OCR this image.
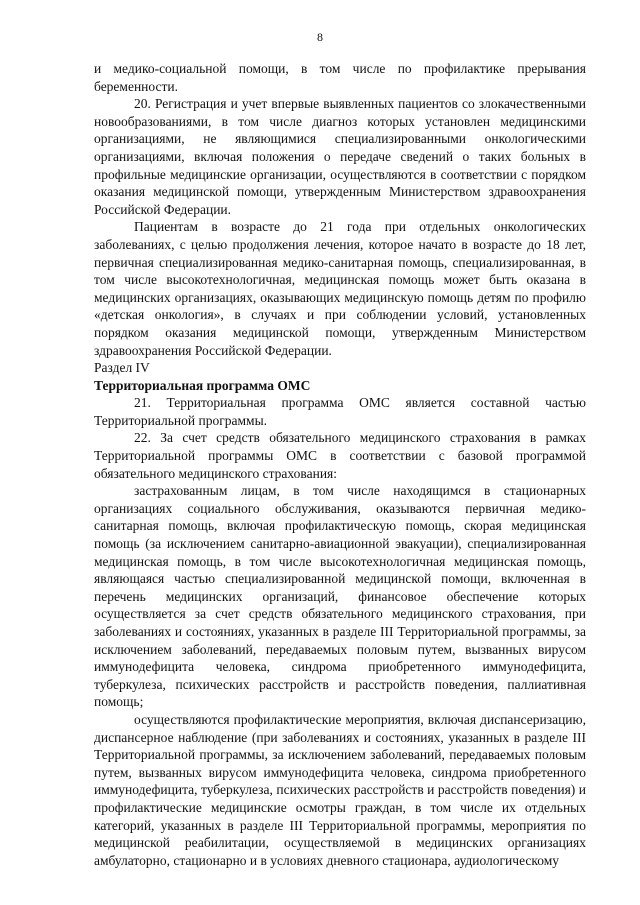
8

и медико-социальной помощи, в том числе по профилактике прерывания беременности.

20. Регистрация и учет впервые выявленных пациентов со злокачественными новообразованиями, в том числе диагноз которых установлен медицинскими организациями, не являющимися специализированными онкологическими организациями, включая положения о передаче сведений о таких больных в профильные медицинские организации, осуществляются в соответствии с порядком оказания медицинской помощи, утвержденным Министерством здравоохранения Российской Федерации.

Пациентам в возрасте до 21 года при отдельных онкологических заболеваниях, с целью продолжения лечения, которое начато в возрасте до 18 лет, первичная специализированная медико-санитарная помощь, специализированная, в том числе высокотехнологичная, медицинская помощь может быть оказана в медицинских организациях, оказывающих медицинскую помощь детям по профилю «детская онкология», в случаях и при соблюдении условий, установленных порядком оказания медицинской помощи, утвержденным Министерством здравоохранения Российской Федерации.

Раздел IV

Территориальная программа ОМС

21. Территориальная программа ОМС является составной частью Территориальной программы.

22. За счет средств обязательного медицинского страхования в рамках Территориальной программы ОМС в соответствии с базовой программой обязательного медицинского страхования:

застрахованным лицам, в том числе находящимся в стационарных организациях социального обслуживания, оказываются первичная медико-санитарная помощь, включая профилактическую помощь, скорая медицинская помощь (за исключением санитарно-авиационной эвакуации), специализированная медицинская помощь, в том числе высокотехнологичная медицинская помощь, являющаяся частью специализированной медицинской помощи, включенная в перечень медицинских организаций, финансовое обеспечение которых осуществляется за счет средств обязательного медицинского страхования, при заболеваниях и состояниях, указанных в разделе III Территориальной программы, за исключением заболеваний, передаваемых половым путем, вызванных вирусом иммунодефицита человека, синдрома приобретенного иммунодефицита, туберкулеза, психических расстройств и расстройств поведения, паллиативная помощь;

осуществляются профилактические мероприятия, включая диспансеризацию, диспансерное наблюдение (при заболеваниях и состояниях, указанных в разделе III Территориальной программы, за исключением заболеваний, передаваемых половым путем, вызванных вирусом иммунодефицита человека, синдрома приобретенного иммунодефицита, туберкулеза, психических расстройств и расстройств поведения) и профилактические медицинские осмотры граждан, в том числе их отдельных категорий, указанных в разделе III Территориальной программы, мероприятия по медицинской реабилитации, осуществляемой в медицинских организациях амбулаторно, стационарно и в условиях дневного стационара, аудиологическому
